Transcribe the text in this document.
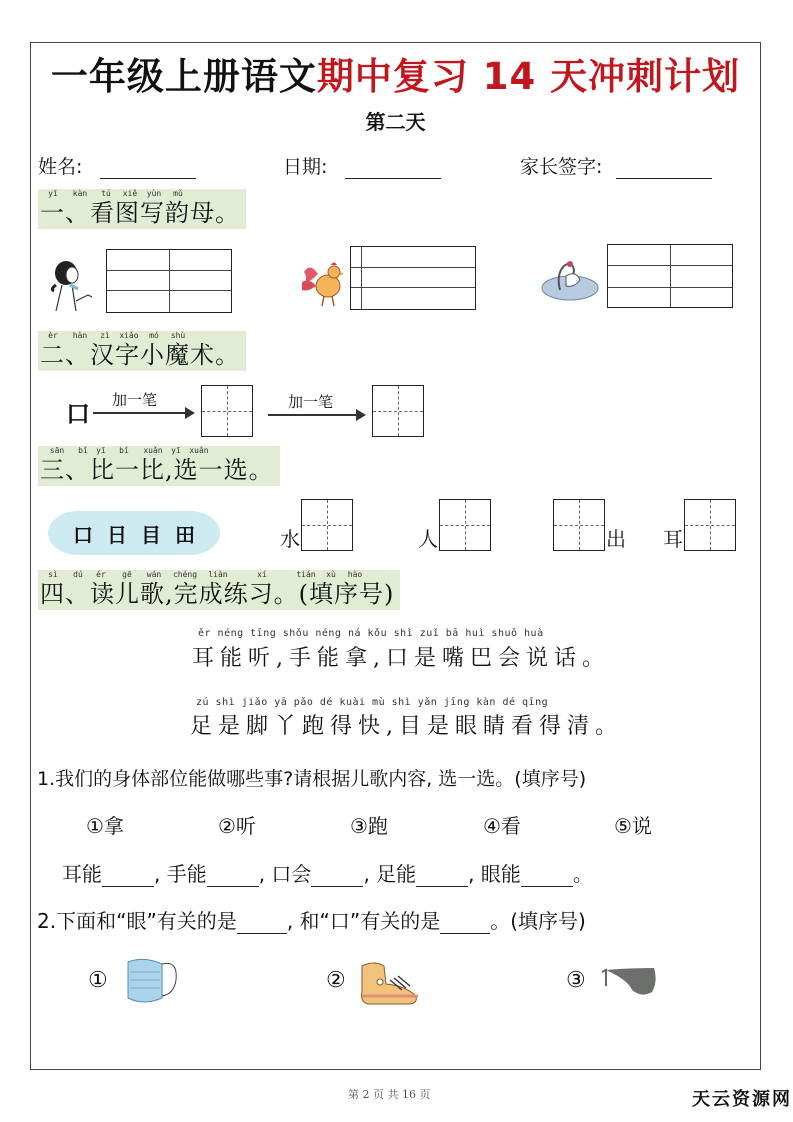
一年级上册语文期中复习 14 天冲刺计划
第二天
姓名:	日期:	家长签字:
yī	kàn	tú	xiě	yùn	mǔ
一、看图写韵母。
èr	hàn	zì	xiǎo	mó	shù
二、汉字小魔术。
口 加一笔	加一笔
sān	bǐ	yī	bǐ	xuǎn	yī	xuǎn
三、比一比,选一选。
口 日 目 田	水	人	出 耳
sì	dú	ér	gē	wán	chéng	liàn	xí	tián	xù	hào
四、读儿歌,完成练习。(填序号)
ěr néng tīng shǒu néng ná kǒu shì zuǐ bā huì shuō huà
耳能听,手能拿,口是嘴巴会说话。
zú shì jiǎo yā pǎo dé kuài mù shì yǎn jīng kàn dé qīng
足是脚丫跑得快,目是眼睛看得清。
1.我们的身体部位能做哪些事?请根据儿歌内容, 选一选。(填序号)
①拿	②听	③跑	④看	⑤说
耳能	, 手能	, 口会	, 足能	, 眼能	。
2.下面和“眼”有关的是	, 和“口”有关的是	。(填序号)
①	②	③
第 2 页 共 16 页	天云资源网
